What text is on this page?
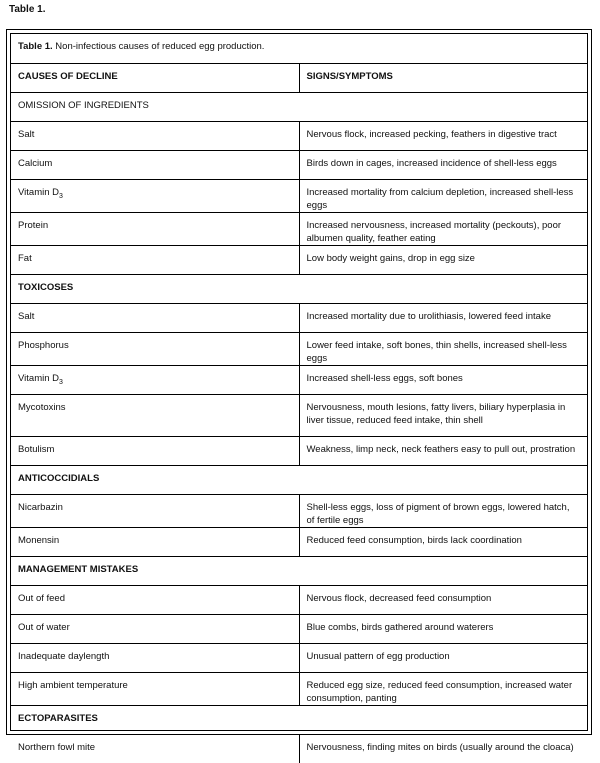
Table 1.
Table 1. Non-infectious causes of reduced egg production.	
CAUSES OF DECLINE	SIGNS/SYMPTOMS
OMISSION OF INGREDIENTS	
Salt	Nervous flock, increased pecking, feathers in digestive tract
Calcium	Birds down in cages, increased incidence of shell-less eggs
Vitamin $D_3$	Increased mortality from calcium depletion, increased shell-less eggs
Protein	Increased nervousness, increased mortality (peckouts), poor albumen quality, feather eating
Fat	Low body weight gains, drop in egg size
TOXICOSES	
Salt	Increased mortality due to urolithiasis, lowered feed intake
Phosphorus	Lower feed intake, soft bones, thin shells, increased shell-less eggs
Vitamin $D_3$	Increased shell-less eggs, soft bones
Mycotoxins	Nervousness, mouth lesions, fatty livers, biliary hyperplasia in liver tissue, reduced feed intake, thin shell
Botulism	Weakness, limp neck, neck feathers easy to pull out, prostration
ANTICOCCIDIALS	
Nicarbazin	Shell-less eggs, loss of pigment of brown eggs, lowered hatch, of fertile eggs
Monensin	Reduced feed consumption, birds lack coordination
MANAGEMENT MISTAKES	
Out of feed	Nervous flock, decreased feed consumption
Out of water	Blue combs, birds gathered around waterers
Inadequate daylength	Unusual pattern of egg production
High ambient temperature	Reduced egg size, reduced feed consumption, increased water consumption, panting
ECTOPARASITES	
Northern fowl mite	Nervousness, finding mites on birds (usually around the cloaca)
